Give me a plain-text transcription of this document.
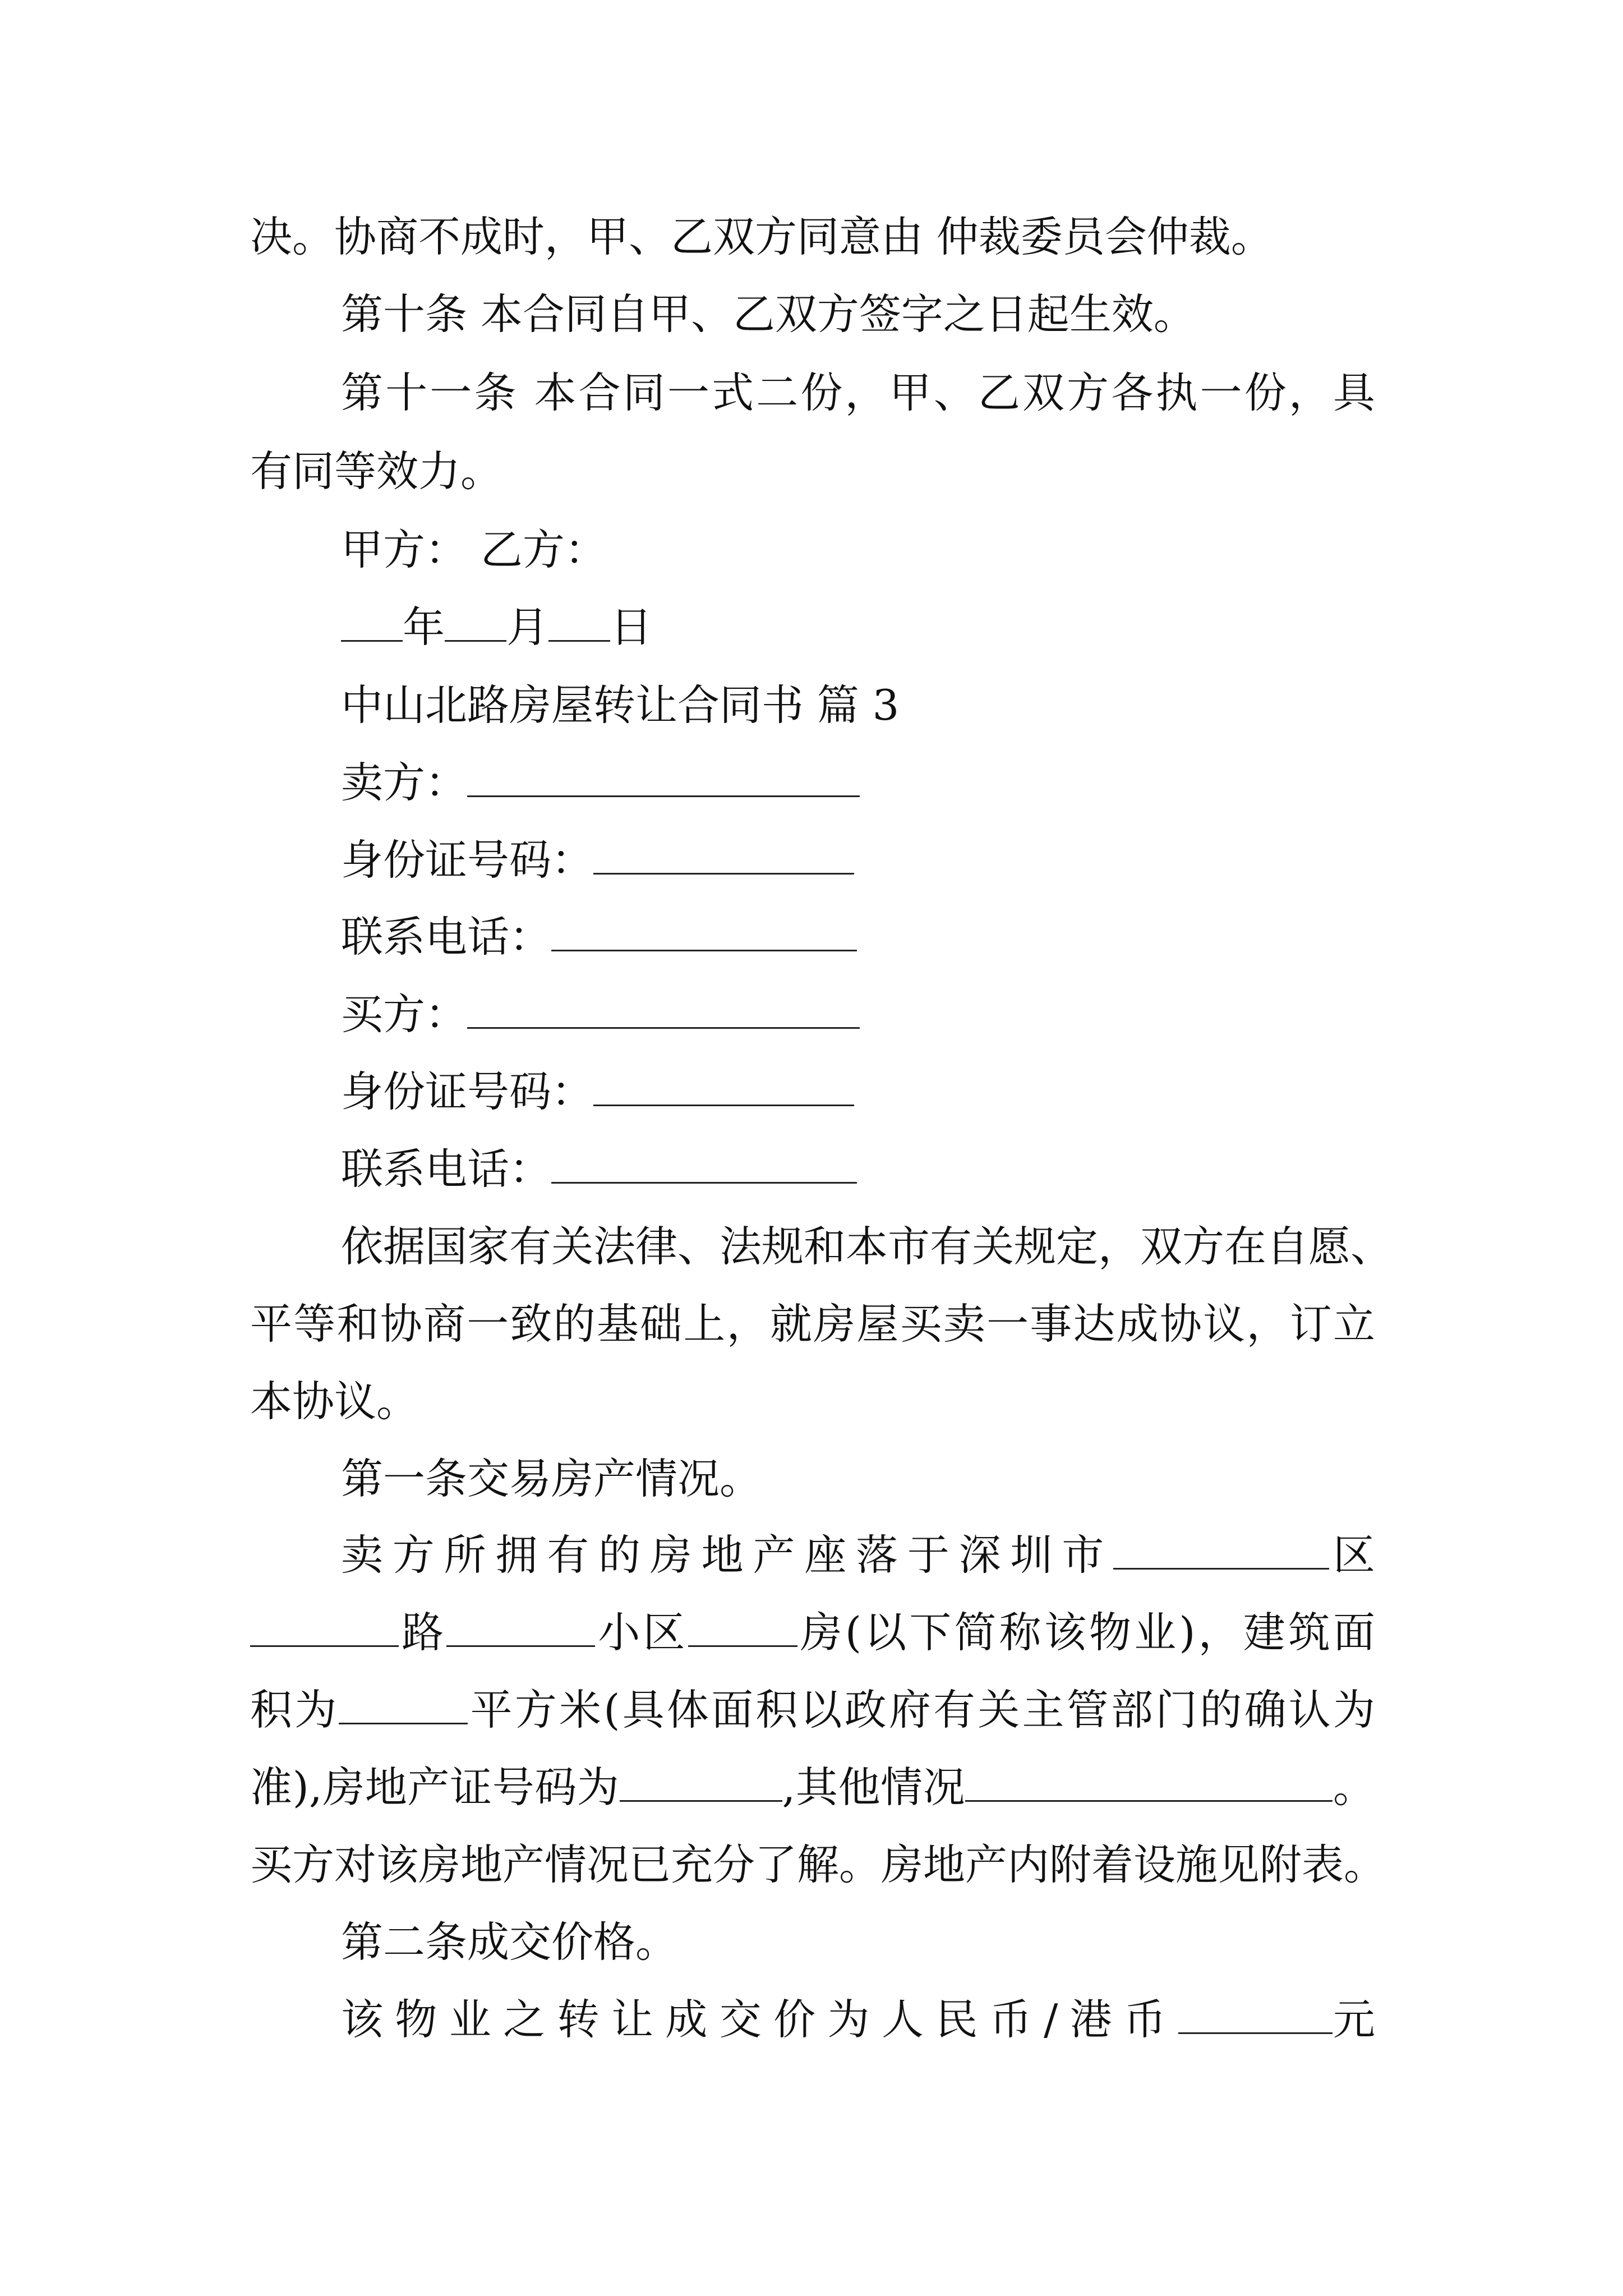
决。协商不成时，甲、乙双方同意由 仲裁委员会仲裁。

第十条 本合同自甲、乙双方签字之日起生效。

第十一条 本合同一式二份，甲、乙双方各执一份，具

有同等效力。

甲方： 乙方：

年 月 日

中山北路房屋转让合同书 篇 3

卖方：

身份证号码：

联系电话：

买方：

身份证号码：

联系电话：

依据国家有关法律、法规和本市有关规定，双方在自愿、

平等和协商一致的基础上，就房屋买卖一事达成协议，订立

本协议。

第一条交易房产情况。

卖方所拥有的房地产座落于深圳市	区

路	小区	房(以下简称该物业)，建筑面

积为	平方米(具体面积以政府有关主管部门的确认为

准),房地产证号码为	,其他情况	。

买方对该房地产情况已充分了解。房地产内附着设施见附表。

第二条成交价格。

该物业之转让成交价为人民币/港币	元
